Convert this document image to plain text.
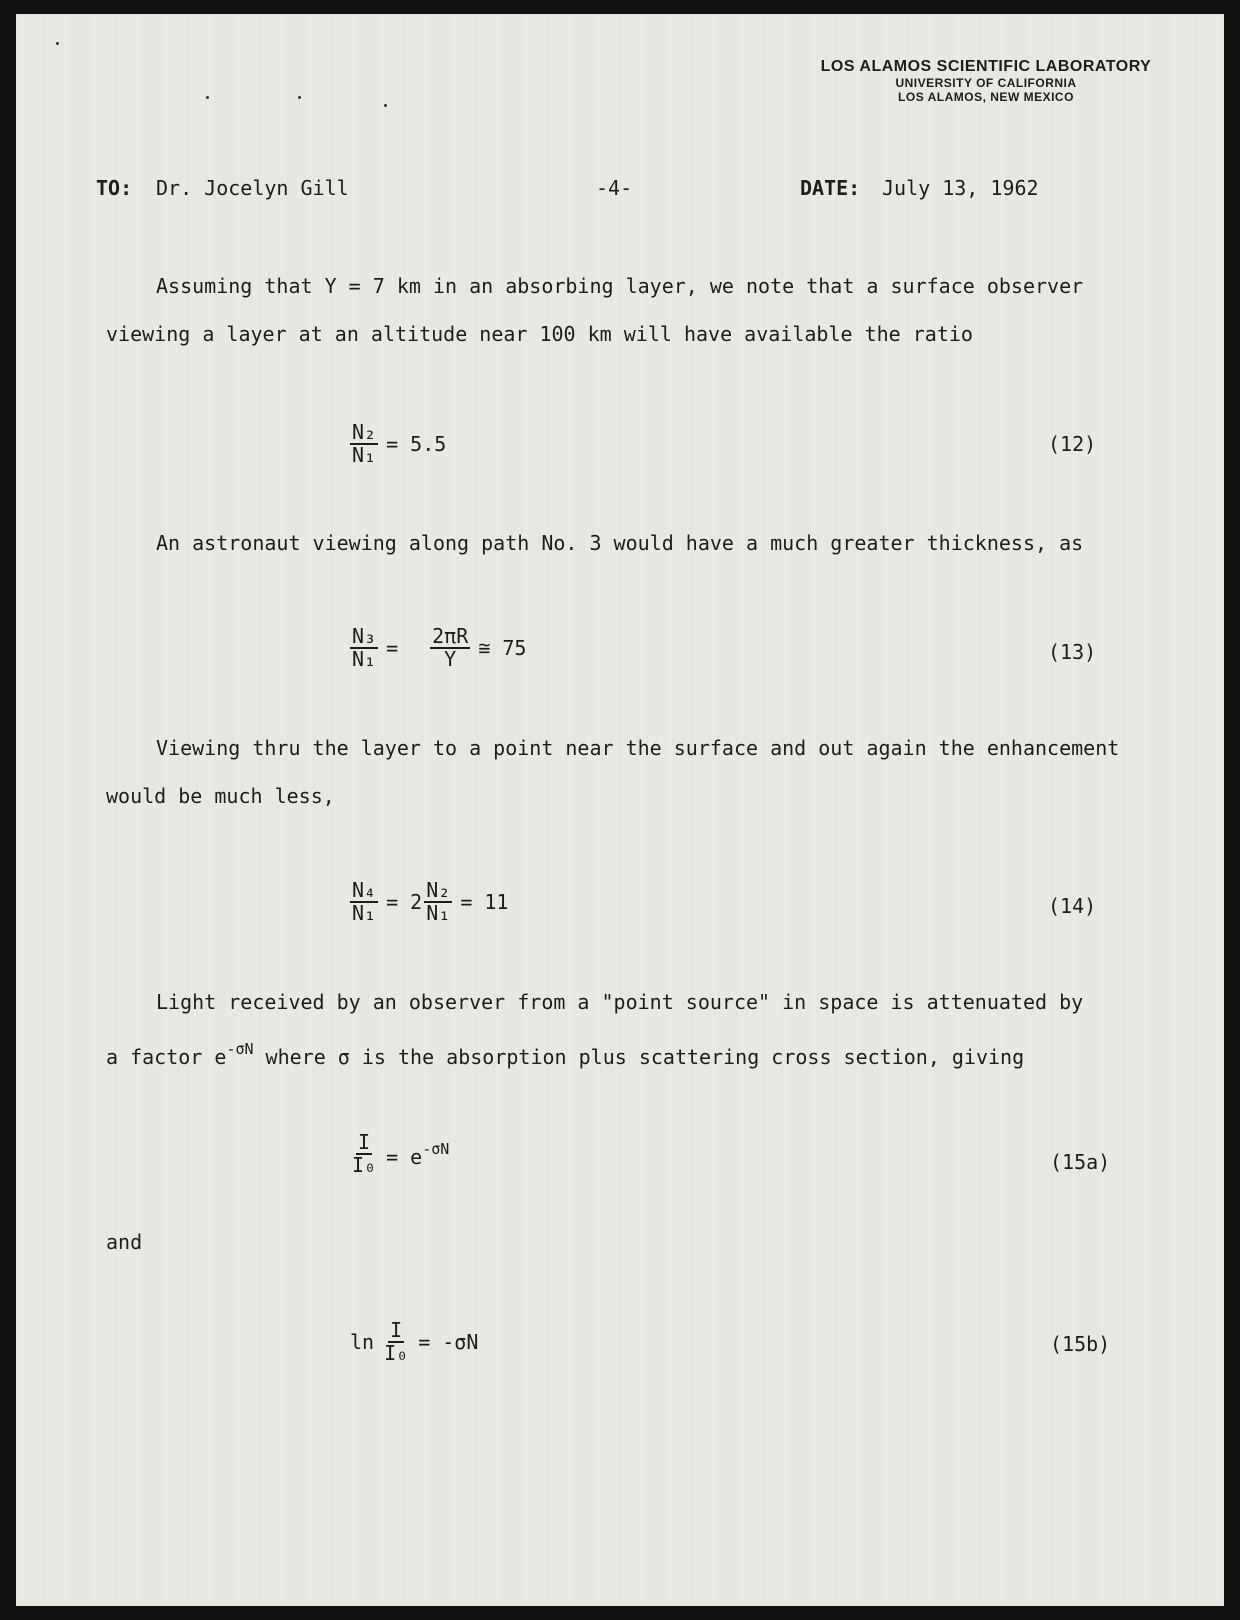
LOS ALAMOS SCIENTIFIC LABORATORY
UNIVERSITY OF CALIFORNIA
LOS ALAMOS, NEW MEXICO
TO: Dr. Jocelyn Gill	-4-	DATE: July 13, 1962
Assuming that Y = 7 km in an absorbing layer, we note that a surface observer
viewing a layer at an altitude near 100 km will have available the ratio
$\frac{\text{N₂}}{\text{N₁}} = 5.5$	(12)
An astronaut viewing along path No. 3 would have a much greater thickness, as
$\frac{\text{N₃}}{\text{N₁}} = \frac{2\pi R}{Y}$ ≅ 75	(13)
Viewing thru the layer to a point near the surface and out again the enhancement
would be much less,
$\frac{\text{N₄}}{\text{N₁}} = 2 \frac{\text{N₂}}{\text{N₁}} = 11$	(14)
Light received by an observer from a "point source" in space is attenuated by
a factor $e^{-\sigma N}$ where σ is the absorption plus scattering cross section, giving
$\frac{I}{\text{I₀}} = e^{-\sigma N}$
(15a)
and
$\ln \frac{I}{\text{I₀}} = -\sigma N$	(15b)
